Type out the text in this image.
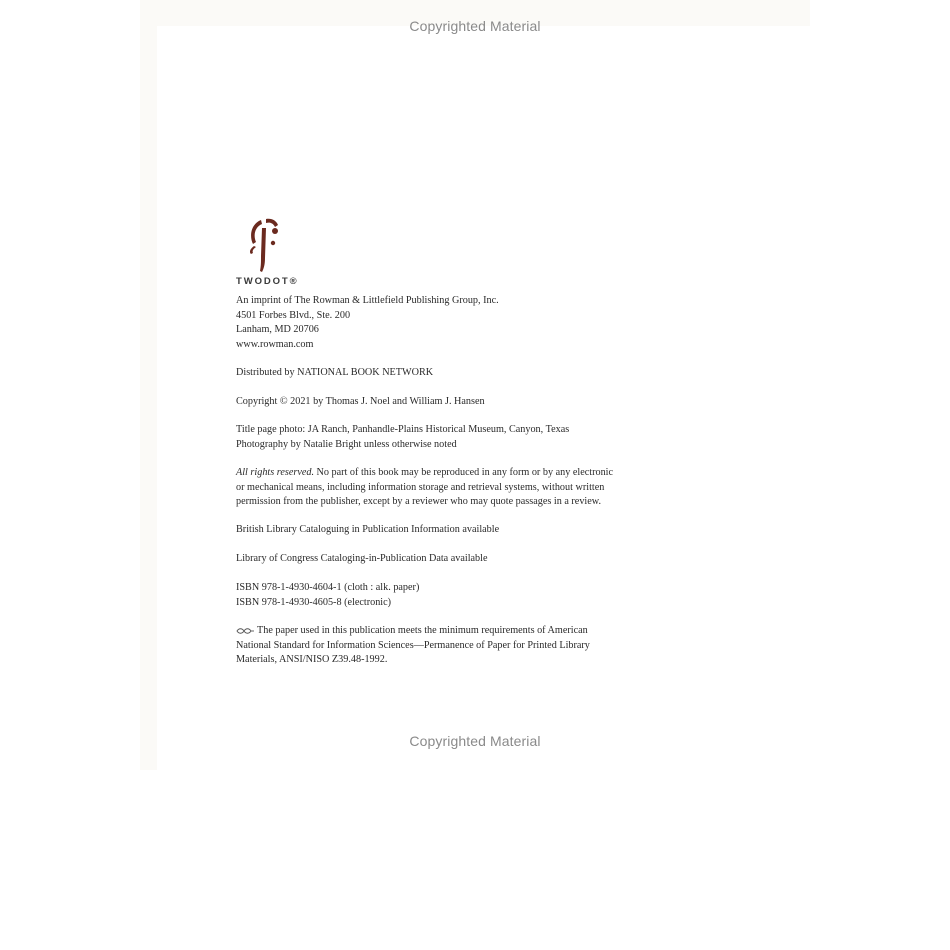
Copyrighted Material
TWODOT®
An imprint of The Rowman & Littlefield Publishing Group, Inc.
4501 Forbes Blvd., Ste. 200
Lanham, MD 20706
www.rowman.com
Distributed by NATIONAL BOOK NETWORK
Copyright © 2021 by Thomas J. Noel and William J. Hansen
Title page photo: JA Ranch, Panhandle-Plains Historical Museum, Canyon, Texas
Photography by Natalie Bright unless otherwise noted
All rights reserved. No part of this book may be reproduced in any form or by any electronic
or mechanical means, including information storage and retrieval systems, without written
permission from the publisher, except by a reviewer who may quote passages in a review.
British Library Cataloguing in Publication Information available
Library of Congress Cataloging-in-Publication Data available
ISBN 978-1-4930-4604-1 (cloth : alk. paper)
ISBN 978-1-4930-4605-8 (electronic)
The paper used in this publication meets the minimum requirements of American
National Standard for Information Sciences—Permanence of Paper for Printed Library
Materials, ANSI/NISO Z39.48-1992.
Copyrighted Material
